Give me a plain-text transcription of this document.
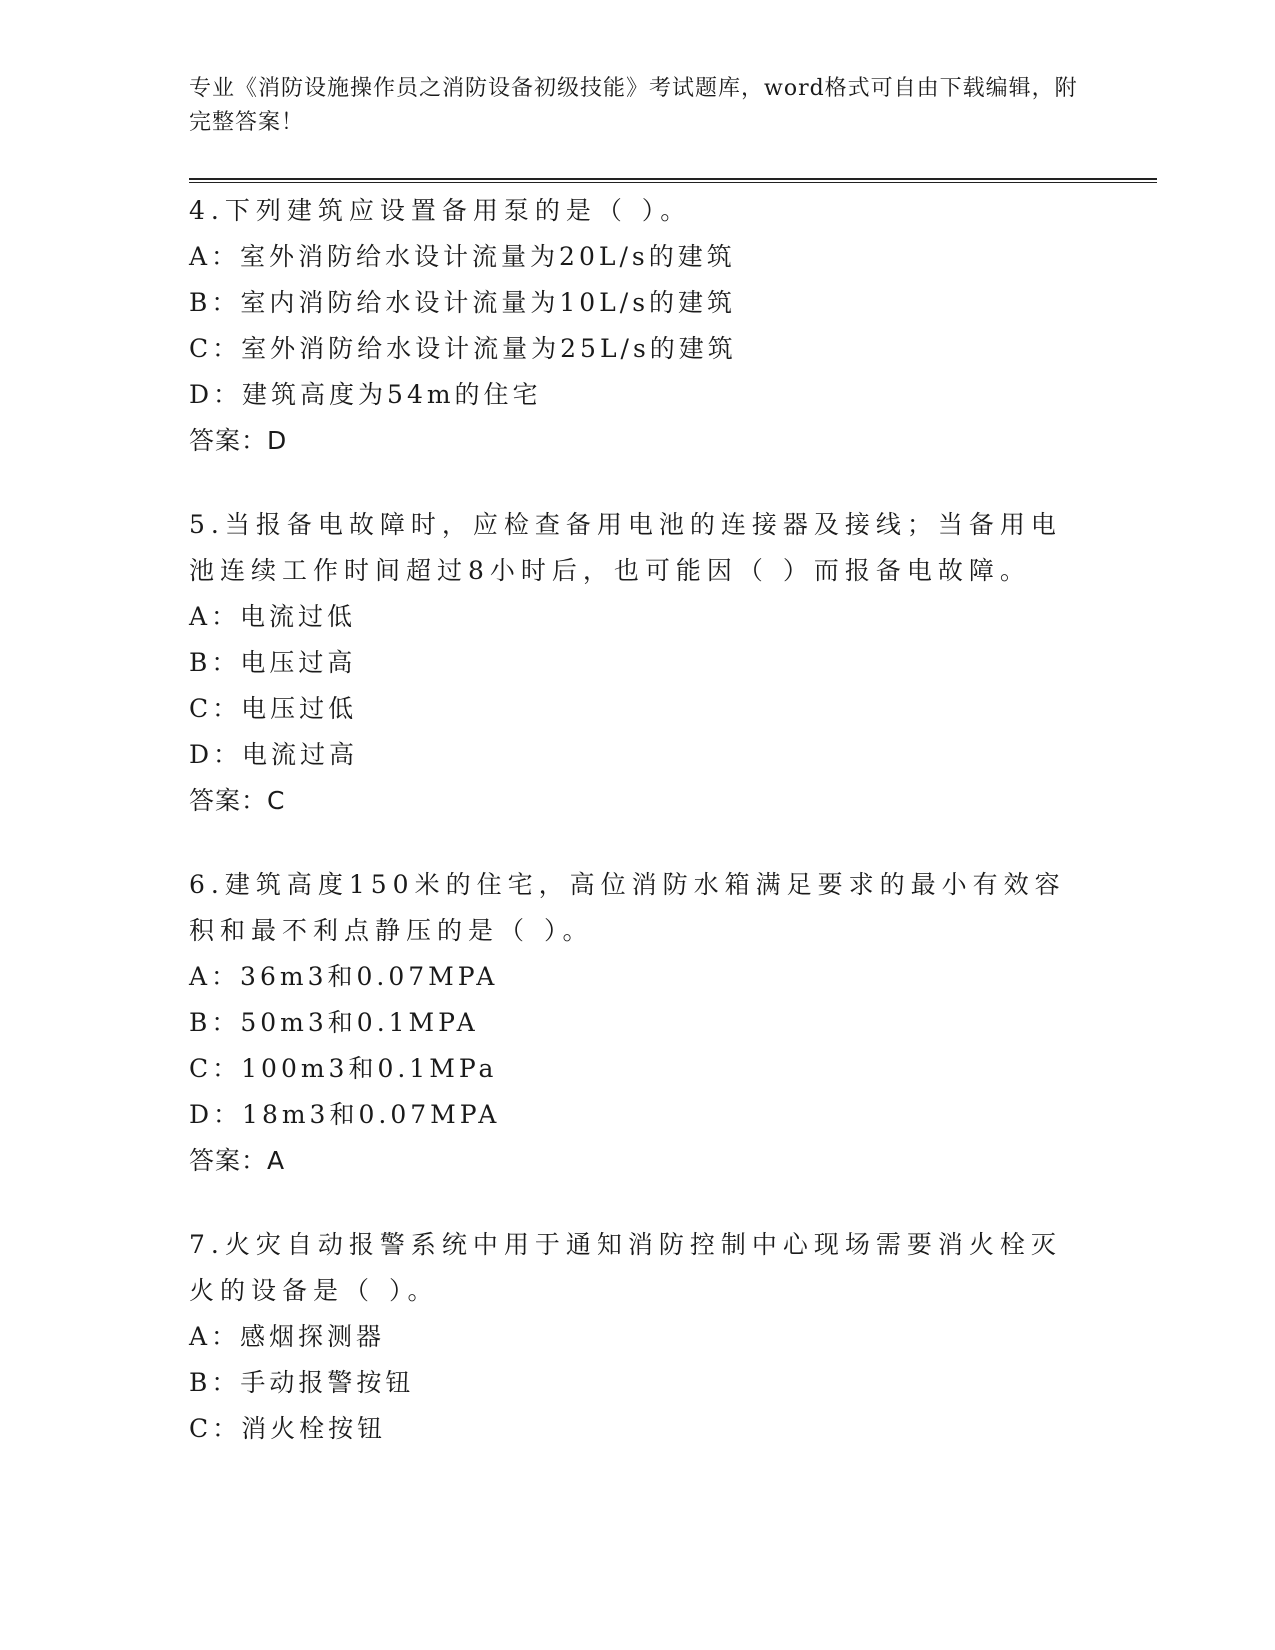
专业《消防设施操作员之消防设备初级技能》考试题库，word格式可自由下载编辑，附完整答案！
4.下列建筑应设置备用泵的是（ ）。
A：室外消防给水设计流量为20L/s的建筑
B：室内消防给水设计流量为10L/s的建筑
C：室外消防给水设计流量为25L/s的建筑
D：建筑高度为54m的住宅
答案：D
5.当报备电故障时，应检查备用电池的连接器及接线；当备用电池连续工作时间超过8小时后，也可能因（ ）而报备电故障。
A：电流过低
B：电压过高
C：电压过低
D：电流过高
答案：C
6.建筑高度150米的住宅，高位消防水箱满足要求的最小有效容积和最不利点静压的是（ ）。
A：36m3和0.07MPA
B：50m3和0.1MPA
C：100m3和0.1MPa
D：18m3和0.07MPA
答案：A
7.火灾自动报警系统中用于通知消防控制中心现场需要消火栓灭火的设备是（ ）。
A：感烟探测器
B：手动报警按钮
C：消火栓按钮
